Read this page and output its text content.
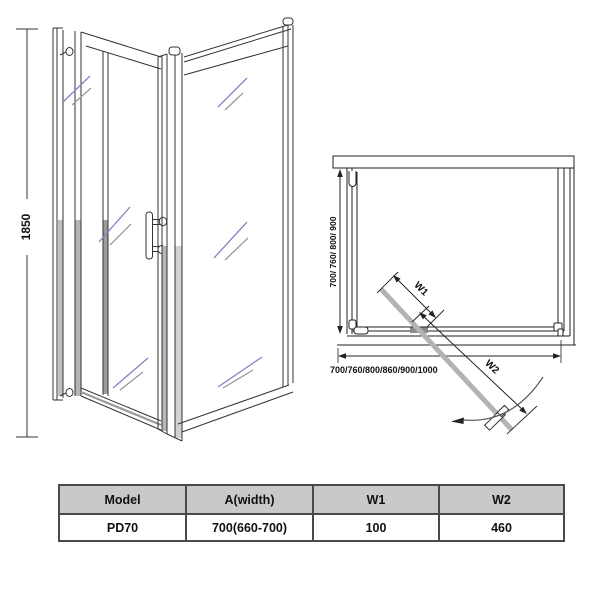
1850	700/ 760/ 800/ 900
700/760/800/860/900/1000
W1
W2
Model	A(width)	W1	W2
PD70	700(660-700)	100	460
